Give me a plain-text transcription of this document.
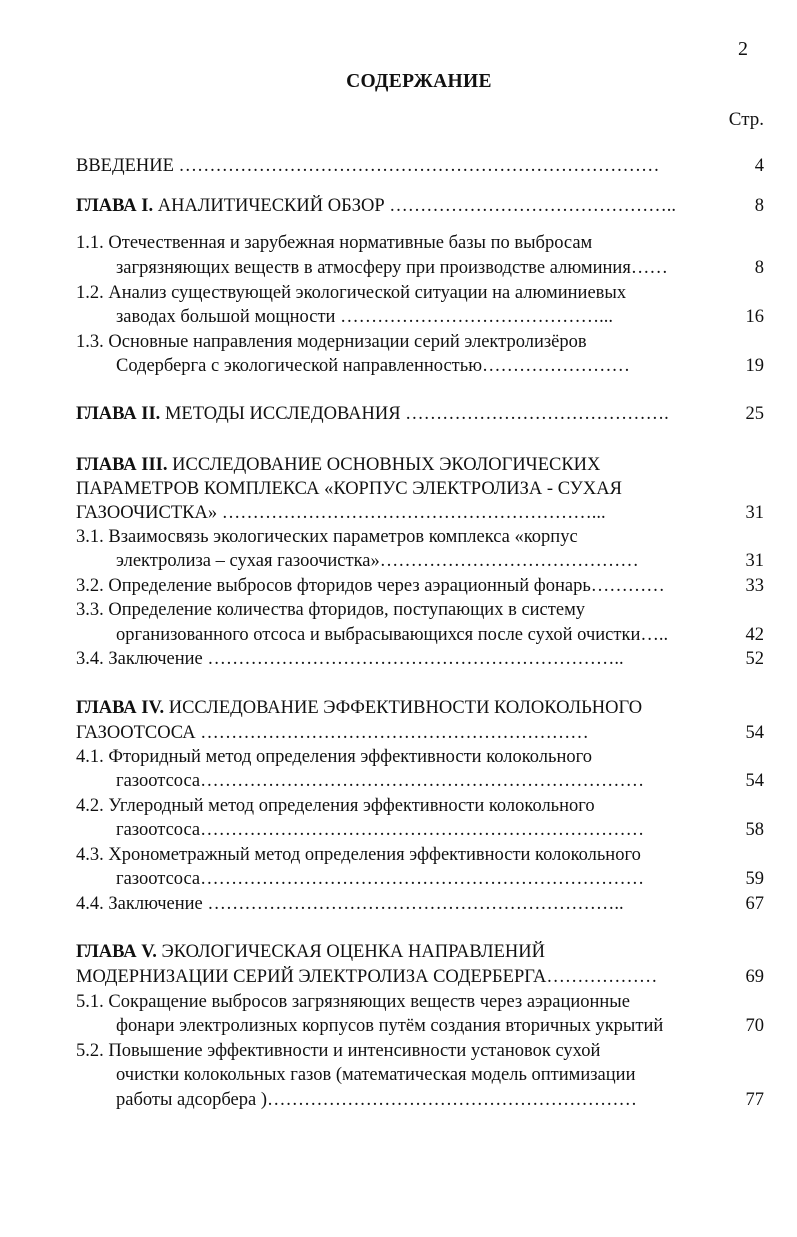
2
СОДЕРЖАНИЕ
Стр.
ВВЕДЕНИЕ ……………………………………………………………………	4
ГЛАВА I. АНАЛИТИЧЕСКИЙ ОБЗОР ………………………………………..	8
1.1. Отечественная и зарубежная нормативные базы по выбросам
загрязняющих веществ в атмосферу при производстве алюминия……	8
1.2. Анализ существующей экологической ситуации на алюминиевых
заводах большой мощности ……………………………………...	16
1.3. Основные направления модернизации серий электролизёров
Содерберга с экологической направленностью……………………	19
ГЛАВА II. МЕТОДЫ ИССЛЕДОВАНИЯ …………………………………….	25
ГЛАВА III. ИССЛЕДОВАНИЕ ОСНОВНЫХ ЭКОЛОГИЧЕСКИХ
ПАРАМЕТРОВ КОМПЛЕКСА «КОРПУС ЭЛЕКТРОЛИЗА - СУХАЯ
ГАЗООЧИСТКА» ……………………………………………………...	31
3.1. Взаимосвязь экологических параметров комплекса «корпус
электролиза – сухая газоочистка»……………………………………	31
3.2. Определение выбросов фторидов через аэрационный фонарь…………	33
3.3. Определение количества фторидов, поступающих в систему
организованного отсоса и выбрасывающихся после сухой очистки…..	42
3.4. Заключение …………………………………………………………..	52
ГЛАВА IV. ИССЛЕДОВАНИЕ ЭФФЕКТИВНОСТИ КОЛОКОЛЬНОГО
ГАЗООТСОСА ………………………………………………………	54
4.1. Фторидный метод определения эффективности колокольного
газоотсоса………………………………………………………………	54
4.2. Углеродный метод определения эффективности колокольного
газоотсоса………………………………………………………………	58
4.3. Хронометражный метод определения эффективности колокольного
газоотсоса………………………………………………………………	59
4.4. Заключение …………………………………………………………..	67
ГЛАВА V. ЭКОЛОГИЧЕСКАЯ ОЦЕНКА НАПРАВЛЕНИЙ
МОДЕРНИЗАЦИИ СЕРИЙ ЭЛЕКТРОЛИЗА СОДЕРБЕРГА………………	69
5.1. Сокращение выбросов загрязняющих веществ через аэрационные
фонари электролизных корпусов путём создания вторичных укрытий	70
5.2. Повышение эффективности и интенсивности установок сухой
очистки колокольных газов (математическая модель оптимизации
работы адсорбера )……………………………………………………	77
